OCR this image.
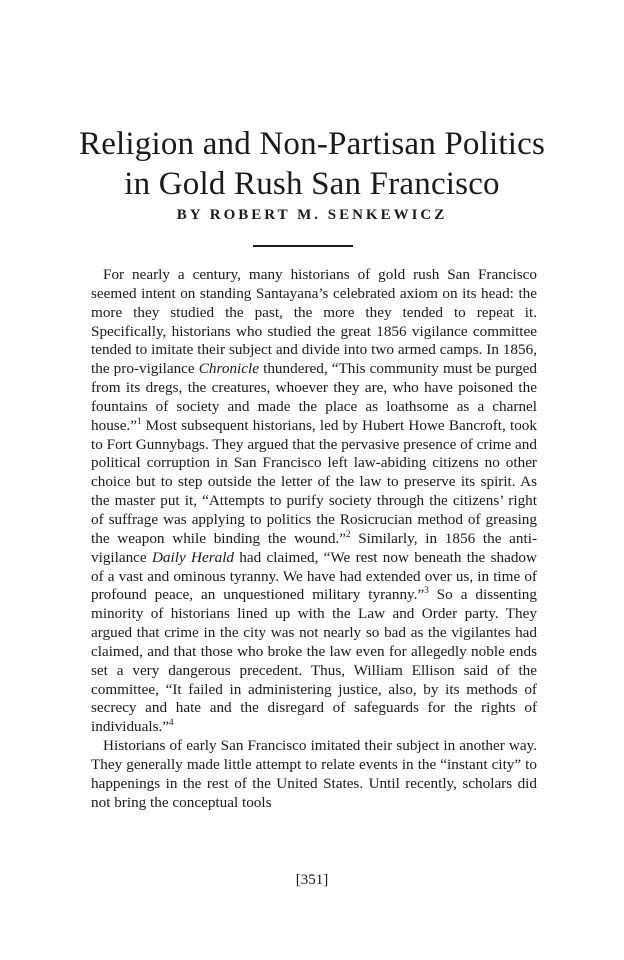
Religion and Non-Partisan Politics
in Gold Rush San Francisco
BY ROBERT M. SENKEWICZ

For nearly a century, many historians of gold rush San Francisco seemed intent on standing Santayana’s celebrated axiom on its head: the more they studied the past, the more they tended to repeat it. Specifically, historians who studied the great 1856 vigilance committee tended to imitate their subject and divide into two armed camps. In 1856, the pro-vigilance Chronicle thundered, “This community must be purged from its dregs, the creatures, whoever they are, who have poisoned the fountains of society and made the place as loathsome as a charnel house.”$^1$ Most subsequent historians, led by Hubert Howe Bancroft, took to Fort Gunnybags. They argued that the pervasive presence of crime and political corruption in San Francisco left law-abiding citizens no other choice but to step outside the letter of the law to preserve its spirit. As the master put it, “Attempts to purify society through the citizens’ right of suffrage was applying to politics the Rosicrucian method of greasing the weapon while binding the wound.”$^2$ Similarly, in 1856 the anti-vigilance Daily Herald had claimed, “We rest now beneath the shadow of a vast and ominous tyranny. We have had extended over us, in time of profound peace, an unquestioned military tyranny.”$^3$ So a dissenting minority of historians lined up with the Law and Order party. They argued that crime in the city was not nearly so bad as the vigilantes had claimed, and that those who broke the law even for allegedly noble ends set a very dangerous precedent. Thus, William Ellison said of the committee, “It failed in administering justice, also, by its methods of secrecy and hate and the disregard of safeguards for the rights of individuals.”$^4$

Historians of early San Francisco imitated their subject in another way. They generally made little attempt to relate events in the “instant city” to happenings in the rest of the United States. Until recently, scholars did not bring the conceptual tools

[351]
